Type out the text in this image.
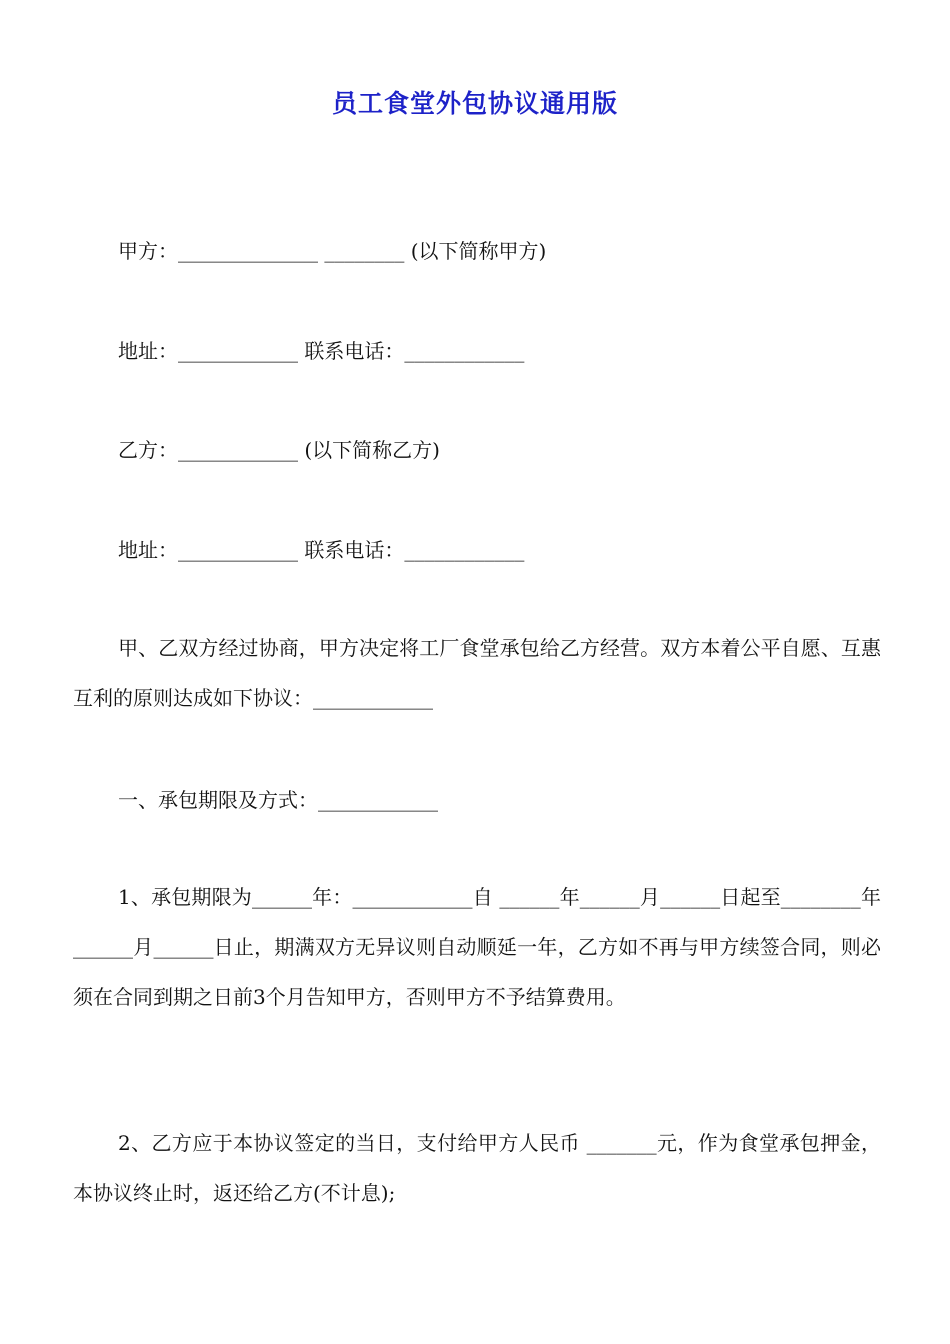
员工食堂外包协议通用版
甲方：______________ ________ (以下简称甲方)
地址：____________ 联系电话：____________
乙方：____________ (以下简称乙方)
地址：____________ 联系电话：____________

甲、乙双方经过协商，甲方决定将工厂食堂承包给乙方经营。双方本着公平自愿、互惠互利的原则达成如下协议：____________

一、承包期限及方式：____________

1、承包期限为______年：____________自 ______年______月______日起至________年______月______日止，期满双方无异议则自动顺延一年，乙方如不再与甲方续签合同，则必须在合同到期之日前3个月告知甲方，否则甲方不予结算费用。

2、乙方应于本协议签定的当日，支付给甲方人民币 _______元，作为食堂承包押金，本协议终止时，返还给乙方(不计息);
